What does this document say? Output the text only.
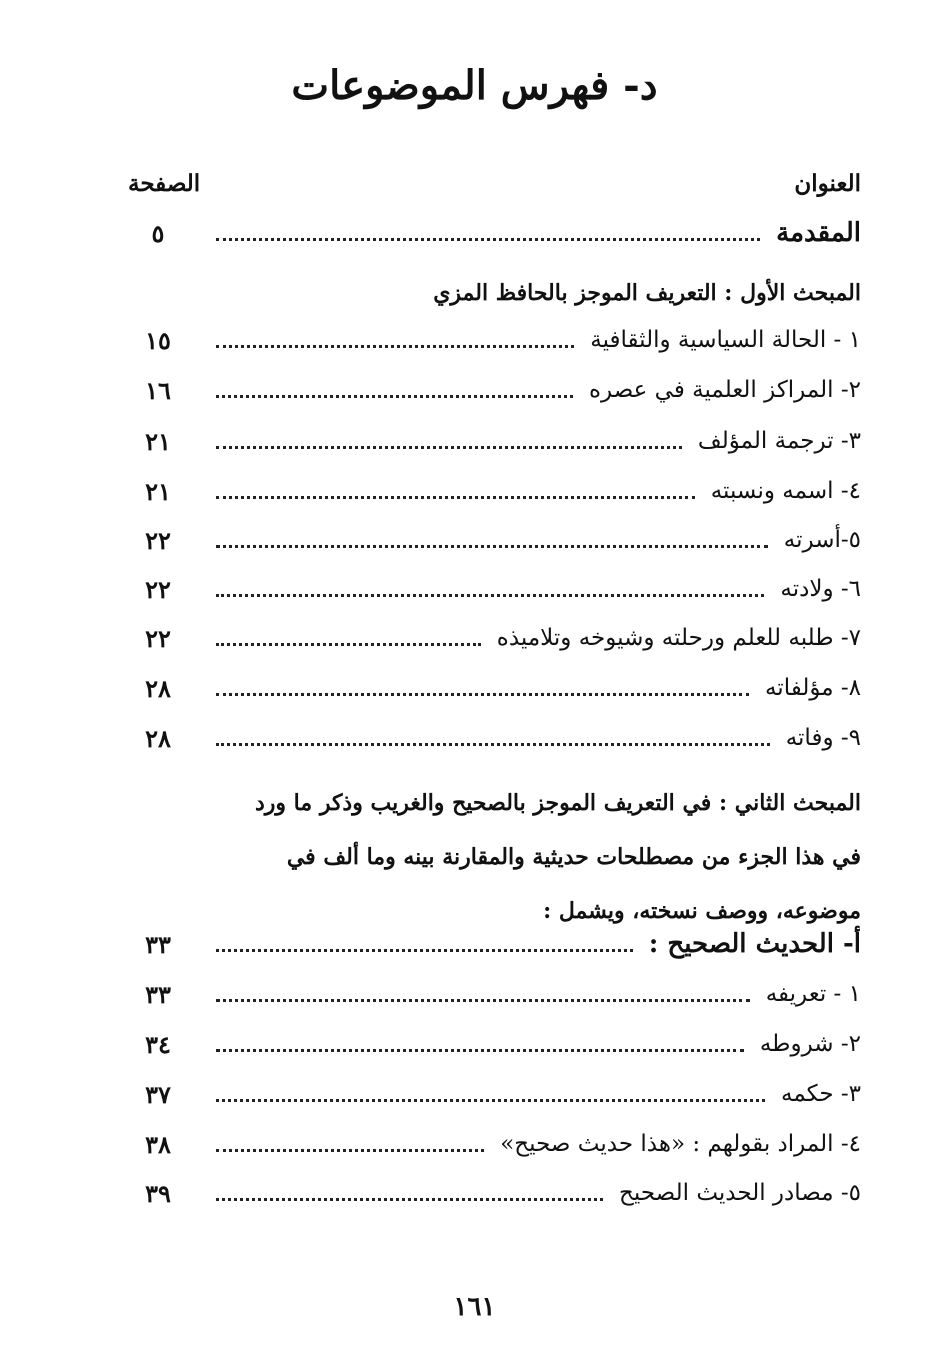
د- فهرس الموضوعات
العنوان
الصفحة
المقدمة
٥
المبحث الأول : التعريف الموجز بالحافظ المزي
١ - الحالة السياسية والثقافية
١٥
٢- المراكز العلمية في عصره
١٦
٣- ترجمة المؤلف
٢١
٤- اسمه ونسبته
٢١
٥-أسرته
٢٢
٦- ولادته
٢٢
٧- طلبه للعلم ورحلته وشيوخه وتلاميذه
٢٢
٨- مؤلفاته
٢٨
٩- وفاته
٢٨
المبحث الثاني : في التعريف الموجز بالصحيح والغريب وذكر ما ورد
في هذا الجزء من مصطلحات حديثية والمقارنة بينه وما ألف في
موضوعه، ووصف نسخته، ويشمل :
أ- الحديث الصحيح :
٣٣
١ - تعريفه
٣٣
٢- شروطه
٣٤
٣- حكمه
٣٧
٤- المراد بقولهم : «هذا حديث صحيح»
٣٨
٥- مصادر الحديث الصحيح
٣٩
١٦١
